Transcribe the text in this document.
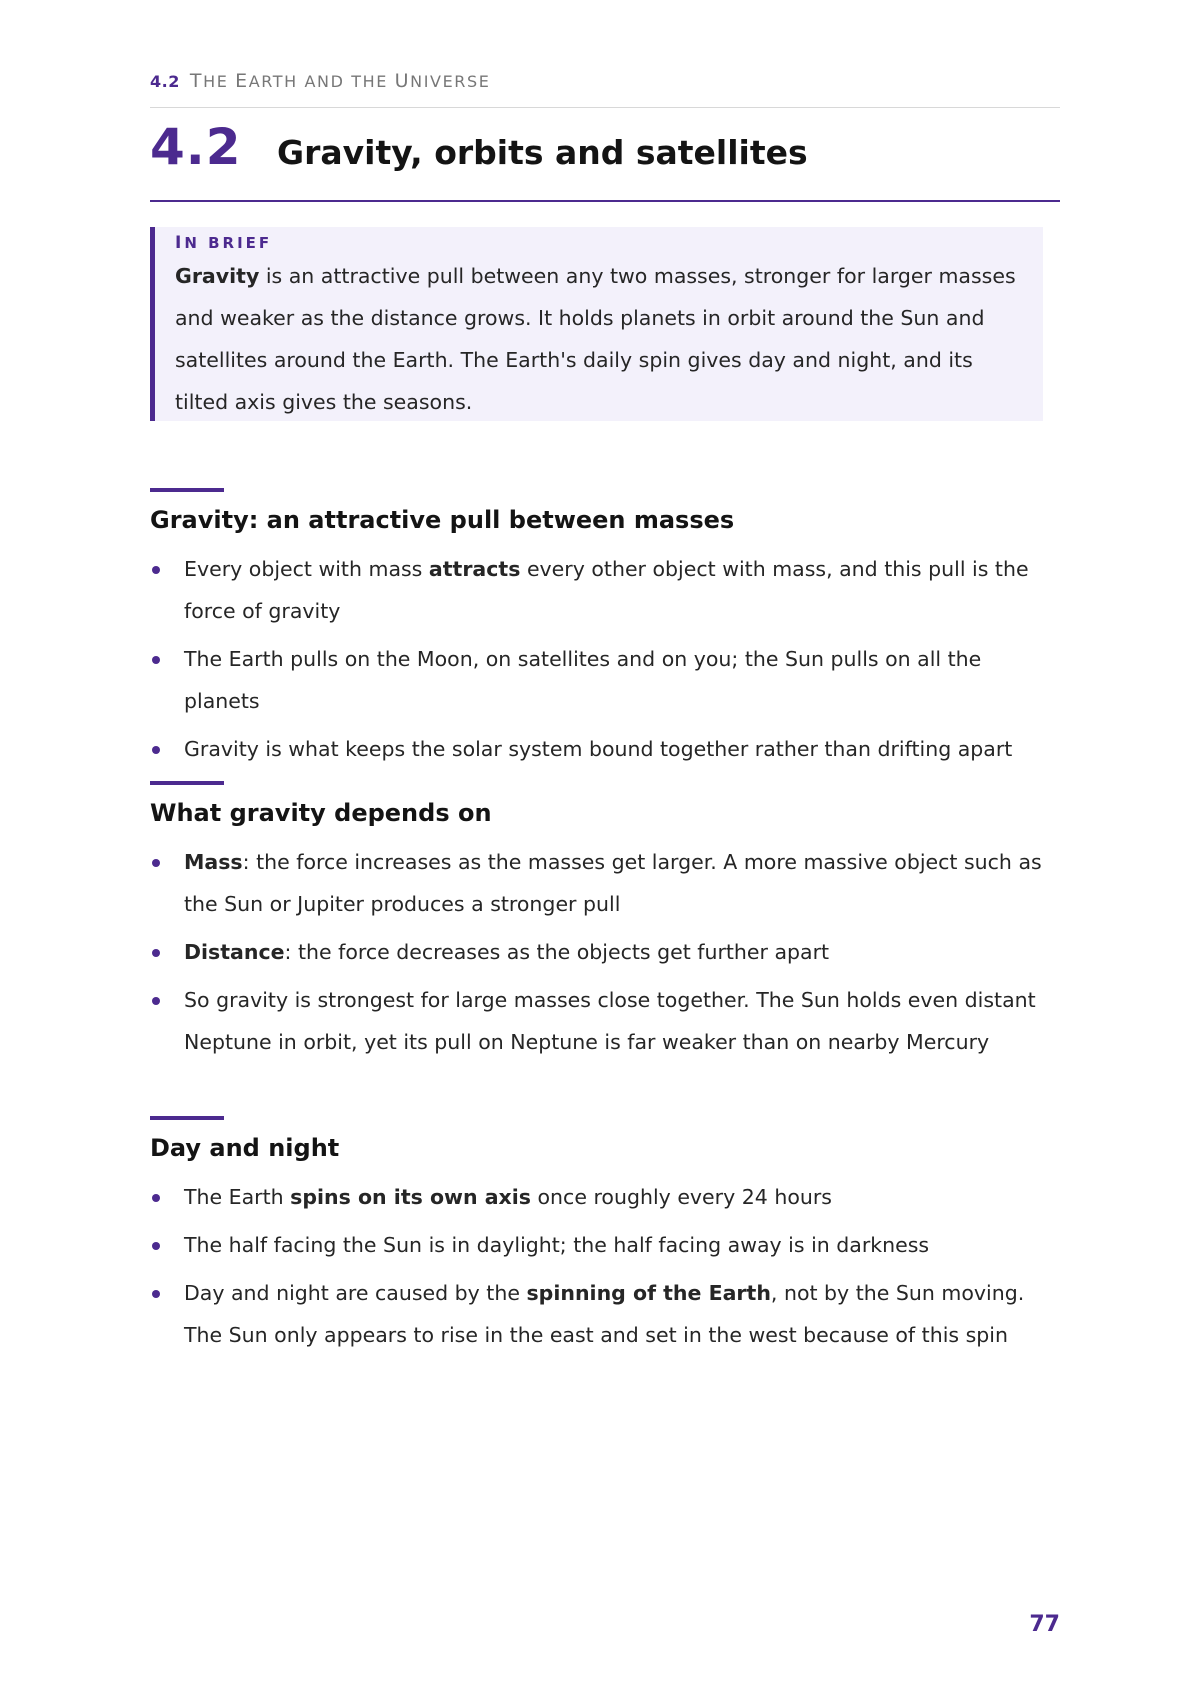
4.2 THE EARTH AND THE UNIVERSE
4.2 Gravity, orbits and satellites
IN BRIEF
Gravity is an attractive pull between any two masses, stronger for larger masses and weaker as the distance grows. It holds planets in orbit around the Sun and satellites around the Earth. The Earth's daily spin gives day and night, and its tilted axis gives the seasons.
Gravity: an attractive pull between masses
Every object with mass attracts every other object with mass, and this pull is the force of gravity
The Earth pulls on the Moon, on satellites and on you; the Sun pulls on all the planets
Gravity is what keeps the solar system bound together rather than drifting apart
What gravity depends on
Mass: the force increases as the masses get larger. A more massive object such as the Sun or Jupiter produces a stronger pull
Distance: the force decreases as the objects get further apart
So gravity is strongest for large masses close together. The Sun holds even distant Neptune in orbit, yet its pull on Neptune is far weaker than on nearby Mercury
Day and night
The Earth spins on its own axis once roughly every 24 hours
The half facing the Sun is in daylight; the half facing away is in darkness
Day and night are caused by the spinning of the Earth, not by the Sun moving. The Sun only appears to rise in the east and set in the west because of this spin
77
